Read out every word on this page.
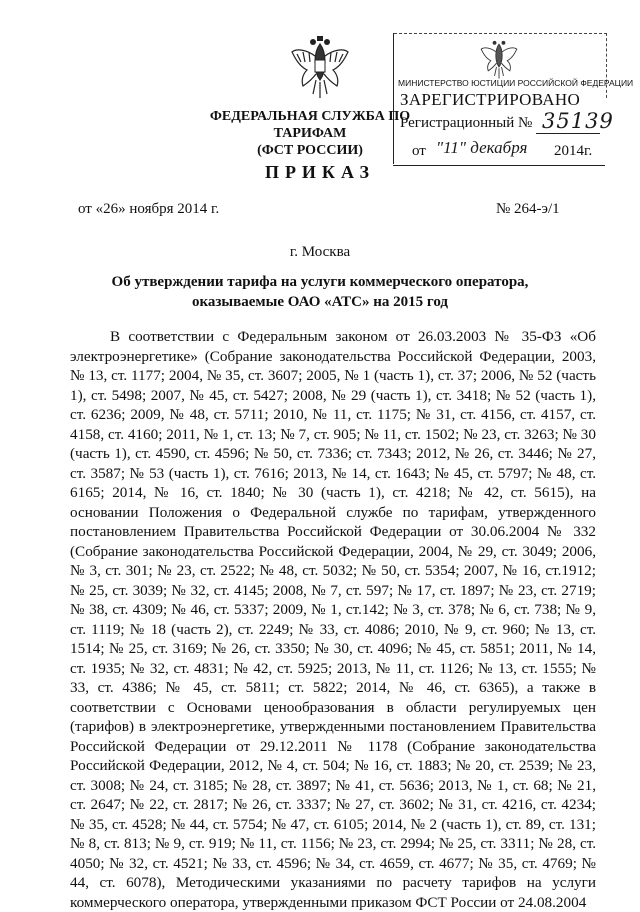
ФЕДЕРАЛЬНАЯ СЛУЖБА ПО ТАРИФАМ
(ФСТ РОССИИ)
МИНИСТЕРСТВО ЮСТИЦИИ РОССИЙСКОЙ ФЕДЕРАЦИИ
ЗАРЕГИСТРИРОВАНО
Регистрационный № 35139
от "11" декабря 2014г.
ПРИКАЗ
от «26» ноября 2014 г.	№ 264-э/1
г. Москва
Об утверждении тарифа на услуги коммерческого оператора,
оказываемые ОАО «АТС» на 2015 год

В соответствии с Федеральным законом от 26.03.2003 № 35-ФЗ «Об электроэнергетике» (Собрание законодательства Российской Федерации, 2003, № 13, ст. 1177; 2004, № 35, ст. 3607; 2005, № 1 (часть 1), ст. 37; 2006, № 52 (часть 1), ст. 5498; 2007, № 45, ст. 5427; 2008, № 29 (часть 1), ст. 3418; № 52 (часть 1), ст. 6236; 2009, № 48, ст. 5711; 2010, № 11, ст. 1175; № 31, ст. 4156, ст. 4157, ст. 4158, ст. 4160; 2011, № 1, ст. 13; № 7, ст. 905; № 11, ст. 1502; № 23, ст. 3263; № 30 (часть 1), ст. 4590, ст. 4596; № 50, ст. 7336; ст. 7343; 2012, № 26, ст. 3446; № 27, ст. 3587; № 53 (часть 1), ст. 7616; 2013, № 14, ст. 1643; № 45, ст. 5797; № 48, ст. 6165; 2014, № 16, ст. 1840; № 30 (часть 1), ст. 4218; № 42, ст. 5615), на основании Положения о Федеральной службе по тарифам, утвержденного постановлением Правительства Российской Федерации от 30.06.2004 № 332 (Собрание законодательства Российской Федерации, 2004, № 29, ст. 3049; 2006, № 3, ст. 301; № 23, ст. 2522; № 48, ст. 5032; № 50, ст. 5354; 2007, № 16, ст.1912; № 25, ст. 3039; № 32, ст. 4145; 2008, № 7, ст. 597; № 17, ст. 1897; № 23, ст. 2719; № 38, ст. 4309; № 46, ст. 5337; 2009, № 1, ст.142; № 3, ст. 378; № 6, ст. 738; № 9, ст. 1119; № 18 (часть 2), ст. 2249; № 33, ст. 4086; 2010, № 9, ст. 960; № 13, ст. 1514; № 25, ст. 3169; № 26, ст. 3350; № 30, ст. 4096; № 45, ст. 5851; 2011, № 14, ст. 1935; № 32, ст. 4831; № 42, ст. 5925; 2013, № 11, ст. 1126; № 13, ст. 1555; № 33, ст. 4386; № 45, ст. 5811; ст. 5822; 2014, № 46, ст. 6365), а также в соответствии с Основами ценообразования в области регулируемых цен (тарифов) в электроэнергетике, утвержденными постановлением Правительства Российской Федерации от 29.12.2011 № 1178 (Собрание законодательства Российской Федерации, 2012, № 4, ст. 504; № 16, ст. 1883; № 20, ст. 2539; № 23, ст. 3008; № 24, ст. 3185; № 28, ст. 3897; № 41, ст. 5636; 2013, № 1, ст. 68; № 21, ст. 2647; № 22, ст. 2817; № 26, ст. 3337; № 27, ст. 3602; № 31, ст. 4216, ст. 4234; № 35, ст. 4528; № 44, ст. 5754; № 47, ст. 6105; 2014, № 2 (часть 1), ст. 89, ст. 131; № 8, ст. 813; № 9, ст. 919; № 11, ст. 1156; № 23, ст. 2994; № 25, ст. 3311; № 28, ст. 4050; № 32, ст. 4521; № 33, ст. 4596; № 34, ст. 4659, ст. 4677; № 35, ст. 4769; № 44, ст. 6078), Методическими указаниями по расчету тарифов на услуги коммерческого оператора, утвержденными приказом ФСТ России от 24.08.2004
